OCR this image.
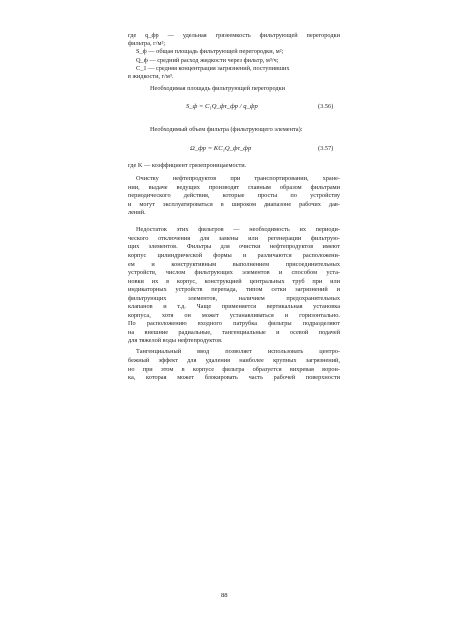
где q_фр — удельная грязеемкость фильтрующей перегородки
фильтра, г/м²;
S_ф — общая площадь фильтрующей перегородки, м²;
Q_ф — средний расход жидкости через фильтр, м³/ч;
C_1 — средняя концентрация загрязнений, поступивших
в жидкости, г/м³.
Необходимая площадь фильтрующей перегородки
S_ф = C₁Q_фτ_фр / q_фр	(3.56)
Необходимый объем фильтра (фильтрующего элемента):
Ω_фр = KC₁Q_фτ_фр	(3.57)
где K — коэффициент грязепроницаемости.
Очистку нефтепродуктов при транспортировании, хране-
нии, выдаче ведущих производят главным образом фильтрами
периодического действия, которые просты по устройству
и могут эксплуатироваться в широком диапазоне рабочих дав-
лений.
Недостаток этих фильтров — необходимость их периоди-
ческого отключения для замены или регенерации фильтрую-
щих элементов. Фильтры для очистки нефтепродуктов имеют
корпус цилиндрической формы и различаются расположени-
ем и конструктивным выполнением присоединительных
устройств, числом фильтрующих элементов и способом уста-
новки их в корпус, конструкцией центральных труб при или
индикаторных устройств перепада, типом сетки загрязнений и
фильтрующих элементов, наличием предохранительных
клапанов и т.д. Чаще применяется вертикальная установка
корпуса, хотя он может устанавливаться и горизонтально.
По расположению входного патрубка фильтры подразделяют
на внешние радиальные, тангенциальные и осевой подачей
для тяжелой воды нефтепродуктов.
Тангенциальный ввод позволяет использовать центро-
бежный эффект для удаления наиболее крупных загрязнений,
но при этом в корпусе фильтра образуется вихревая ворон-
ка, которая может блокировать часть рабочей поверхности
88
